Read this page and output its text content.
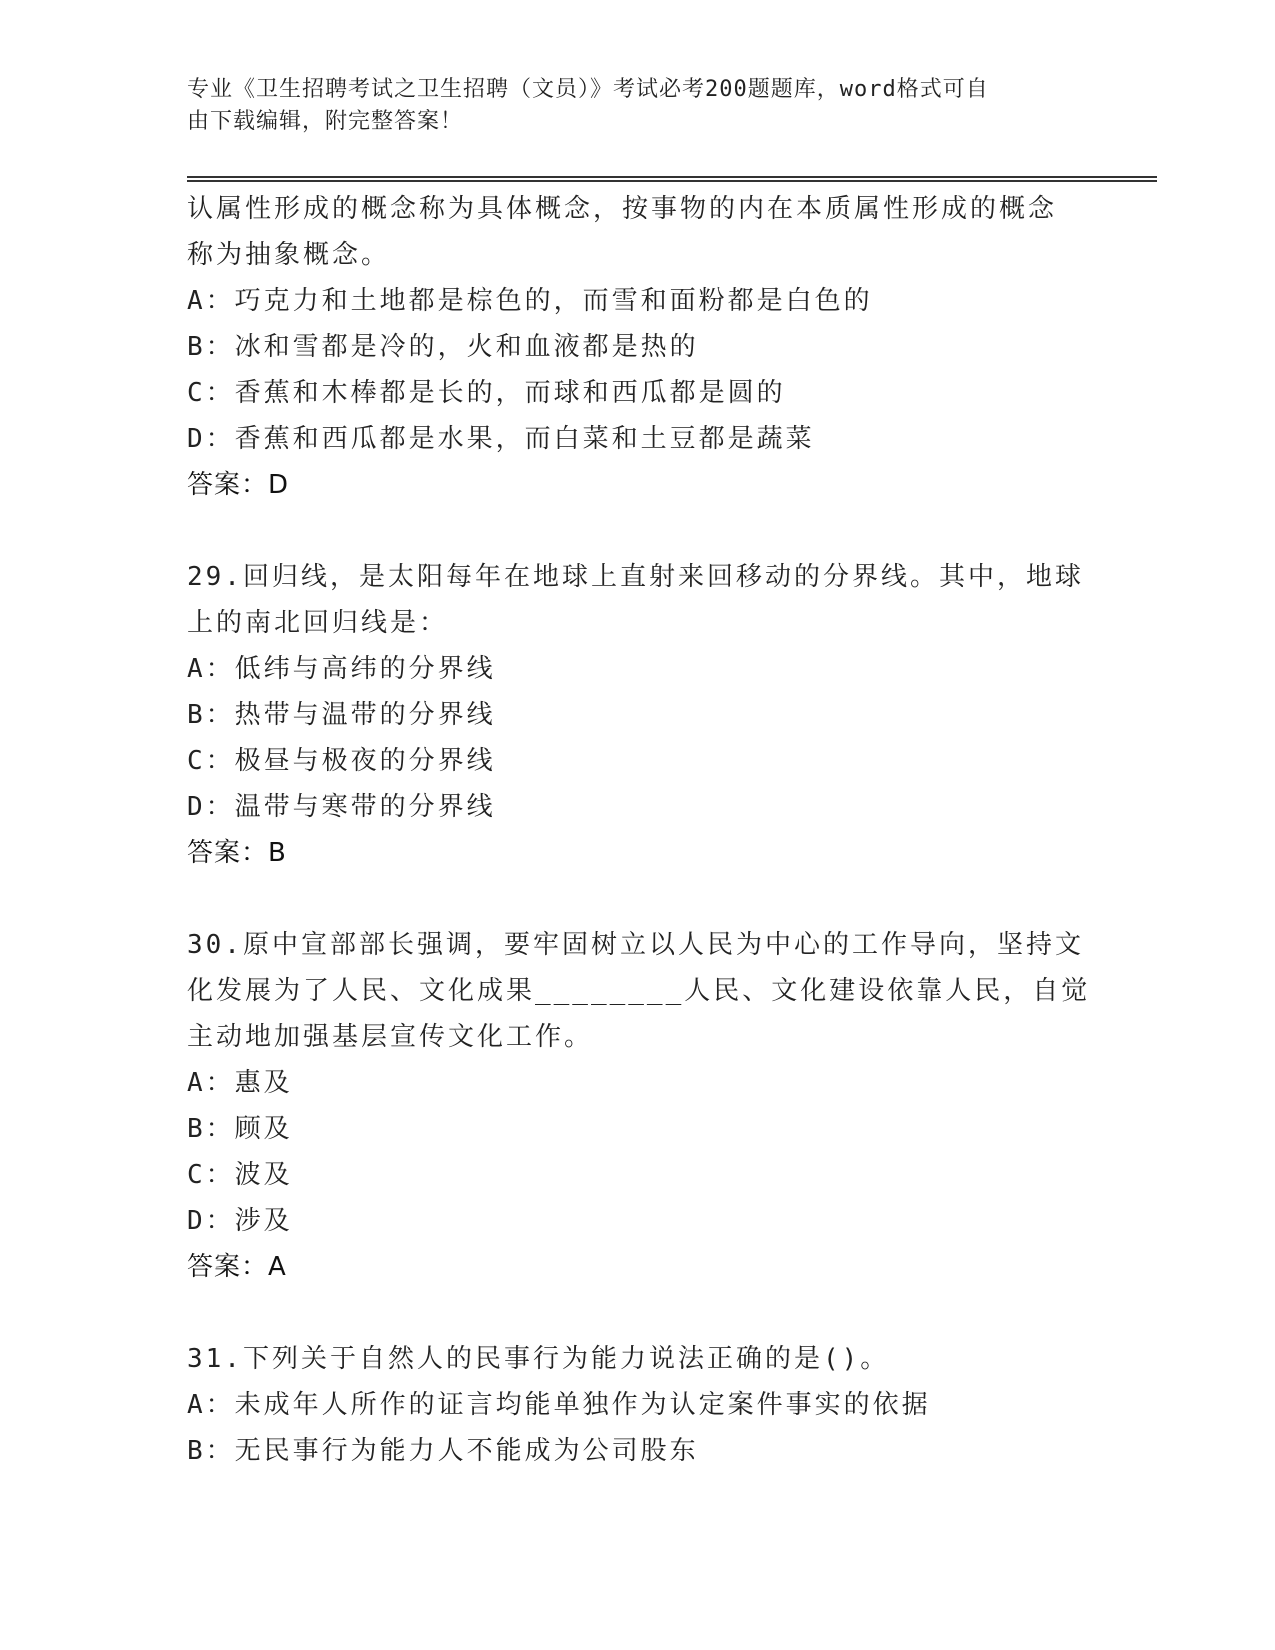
专业《卫生招聘考试之卫生招聘（文员）》考试必考200题题库，word格式可自
由下载编辑，附完整答案！
认属性形成的概念称为具体概念，按事物的内在本质属性形成的概念
称为抽象概念。
A：巧克力和土地都是棕色的，而雪和面粉都是白色的
B：冰和雪都是冷的，火和血液都是热的
C：香蕉和木棒都是长的，而球和西瓜都是圆的
D：香蕉和西瓜都是水果，而白菜和土豆都是蔬菜
答案：D
29.回归线，是太阳每年在地球上直射来回移动的分界线。其中，地球
上的南北回归线是：
A：低纬与高纬的分界线
B：热带与温带的分界线
C：极昼与极夜的分界线
D：温带与寒带的分界线
答案：B
30.原中宣部部长强调，要牢固树立以人民为中心的工作导向，坚持文
化发展为了人民、文化成果________人民、文化建设依靠人民，自觉
主动地加强基层宣传文化工作。
A：惠及
B：顾及
C：波及
D：涉及
答案：A
31.下列关于自然人的民事行为能力说法正确的是()。
A：未成年人所作的证言均能单独作为认定案件事实的依据
B：无民事行为能力人不能成为公司股东
